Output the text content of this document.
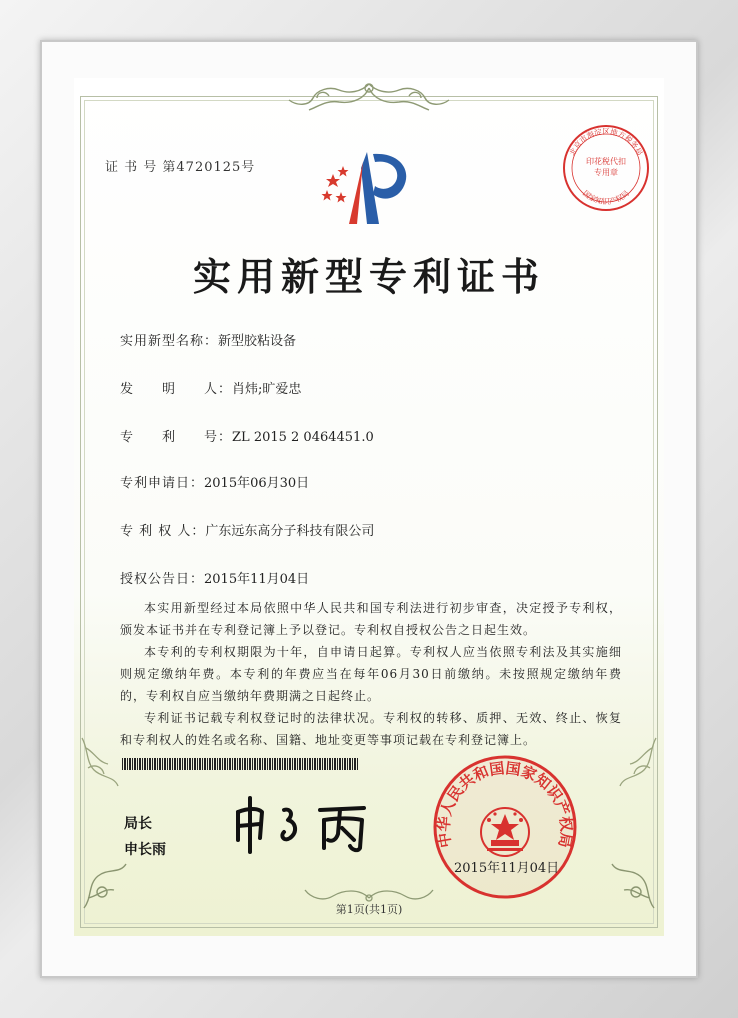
证 书 号 第4720125号
北京市海淀区地方税务局
国家知识产权局
印花税代扣专用章
实用新型专利证书
实用新型名称：新型胶粘设备
发　　明　　人：肖炜;旷爱忠
专　　利　　号：ZL 2015 2 0464451.0
专利申请日：2015年06月30日
专 利 权 人：广东远东高分子科技有限公司
授权公告日：2015年11月04日

本实用新型经过本局依照中华人民共和国专利法进行初步审查，决定授予专利权，颁发本证书并在专利登记簿上予以登记。专利权自授权公告之日起生效。

本专利的专利权期限为十年，自申请日起算。专利权人应当依照专利法及其实施细则规定缴纳年费。本专利的年费应当在每年06月30日前缴纳。未按照规定缴纳年费的，专利权自应当缴纳年费期满之日起终止。

专利证书记载专利权登记时的法律状况。专利权的转移、质押、无效、终止、恢复和专利权人的姓名或名称、国籍、地址变更等事项记载在专利登记簿上。

局长
申长雨
中华人民共和国国家知识产权局
2015年11月04日
第1页(共1页)
